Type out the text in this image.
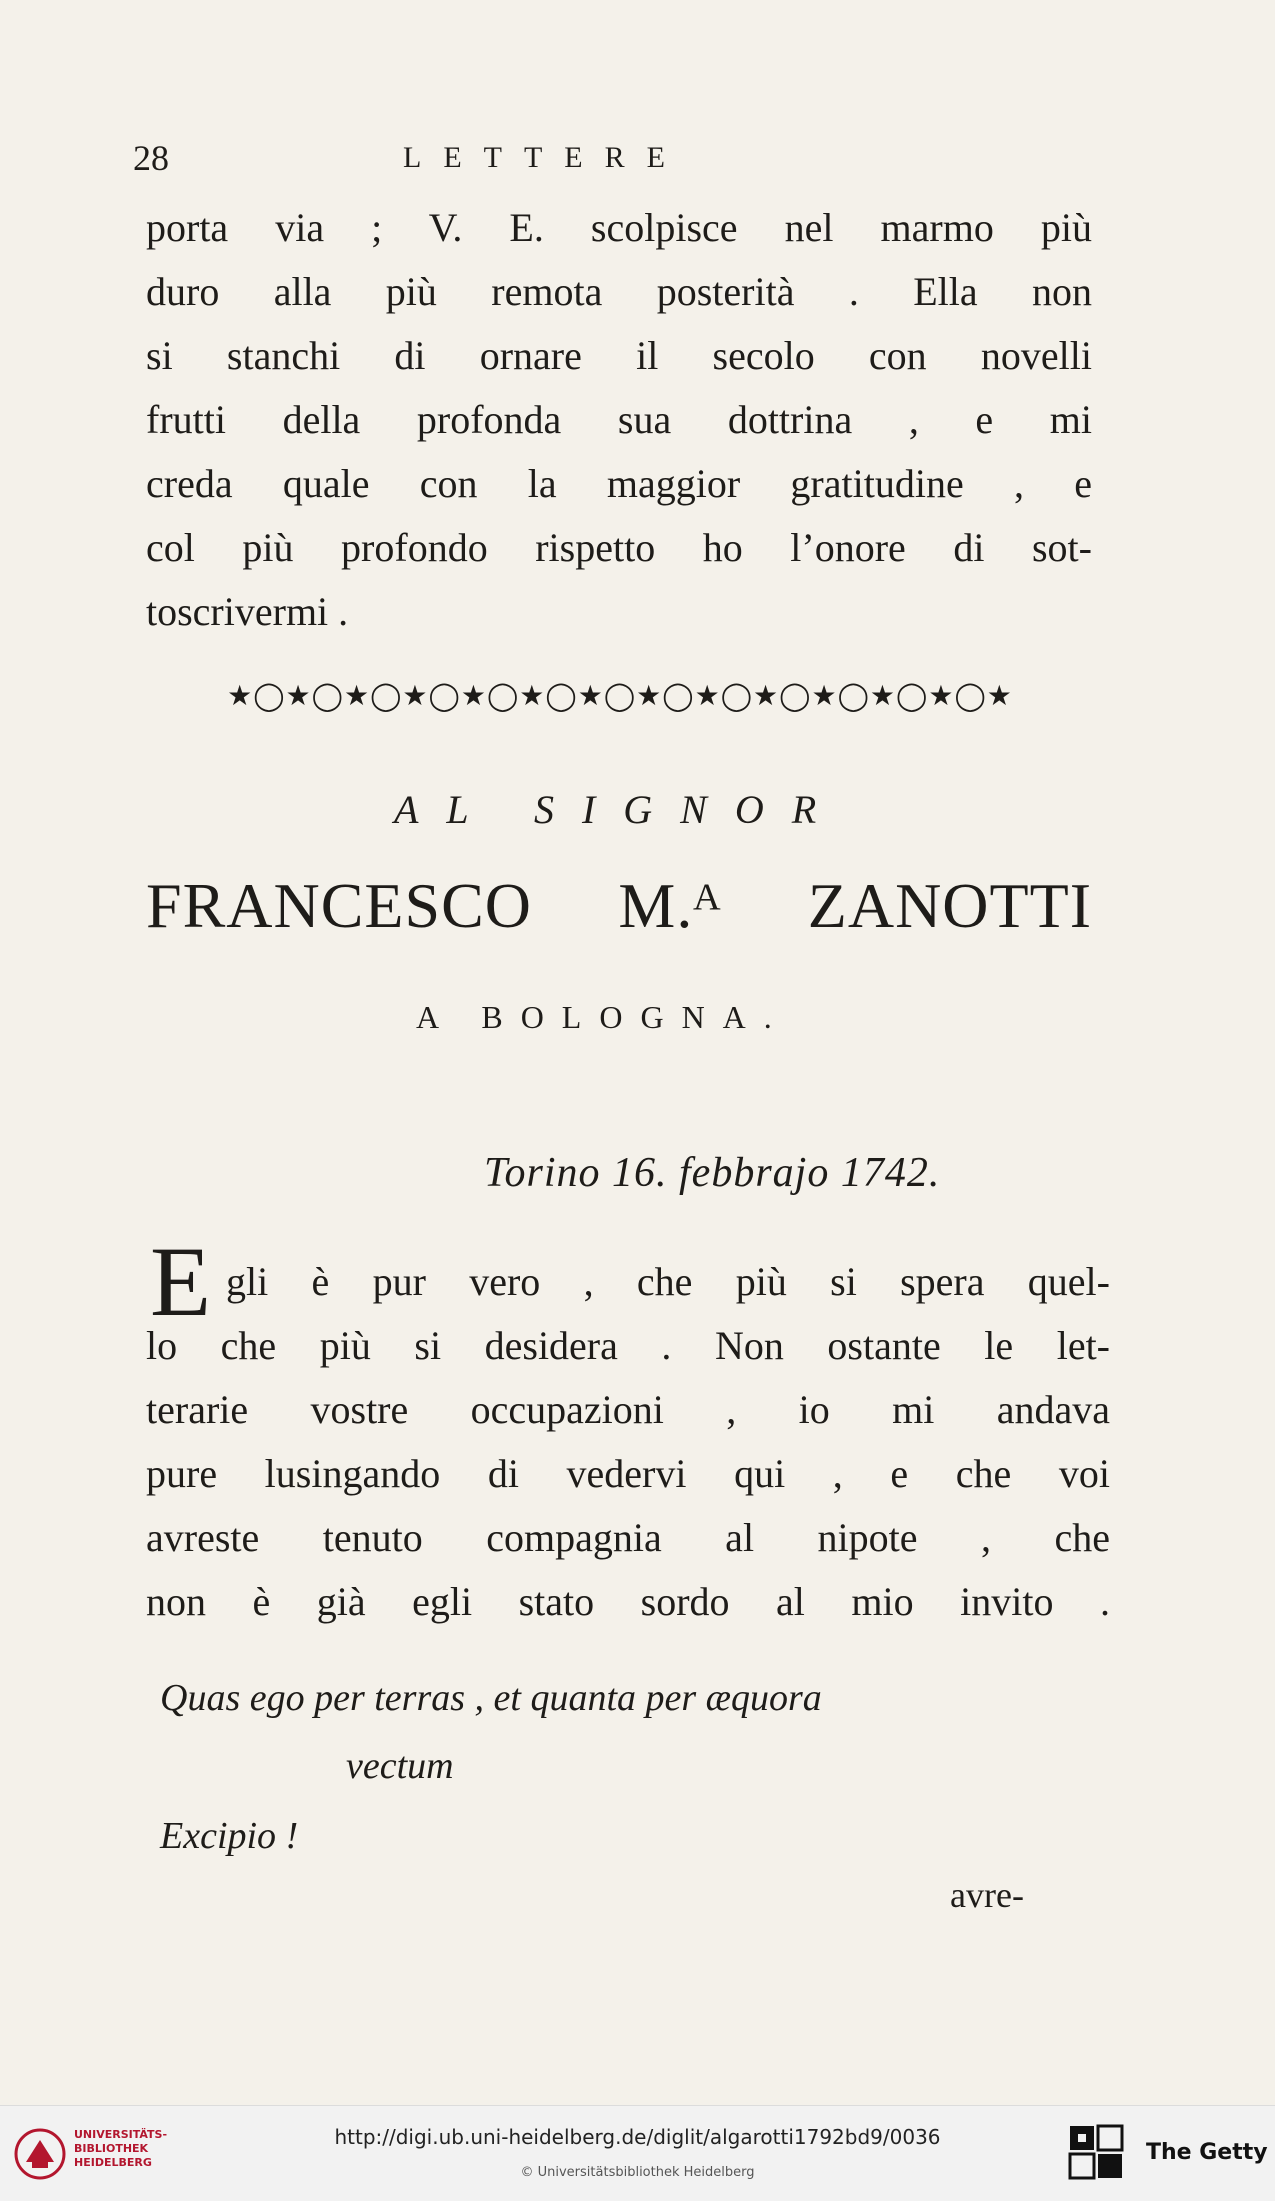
28	LETTERE
porta via ; V. E. scolpisce nel marmo più
duro alla più remota posterità . Ella non
si stanchi di ornare il secolo con novelli
frutti della profonda sua dottrina , e mi
creda quale con la maggior gratitudine , e
col più profondo rispetto ho l’onore di sot-
toscrivermi .
★◯★◯★◯★◯★◯★◯★◯★◯★◯★◯★◯★◯★◯★
AL SIGNOR
FRANCESCO M.ᴬ ZANOTTI
A BOLOGNA.
Torino 16. febbrajo 1742.
E gli è pur vero , che più si spera quel-
lo che più si desidera . Non ostante le let-
terarie vostre occupazioni , io mi andava
pure lusingando di vedervi qui , e che voi
avreste tenuto compagnia al nipote , che
non è già egli stato sordo al mio invito .
Quas ego per terras , et quanta per æquora
vectum
Excipio !
avre-
UNIVERSITÄTS-
BIBLIOTHEK
HEIDELBERG
http://digi.ub.uni-heidelberg.de/diglit/algarotti1792bd9/0036
© Universitätsbibliothek Heidelberg
The Getty
